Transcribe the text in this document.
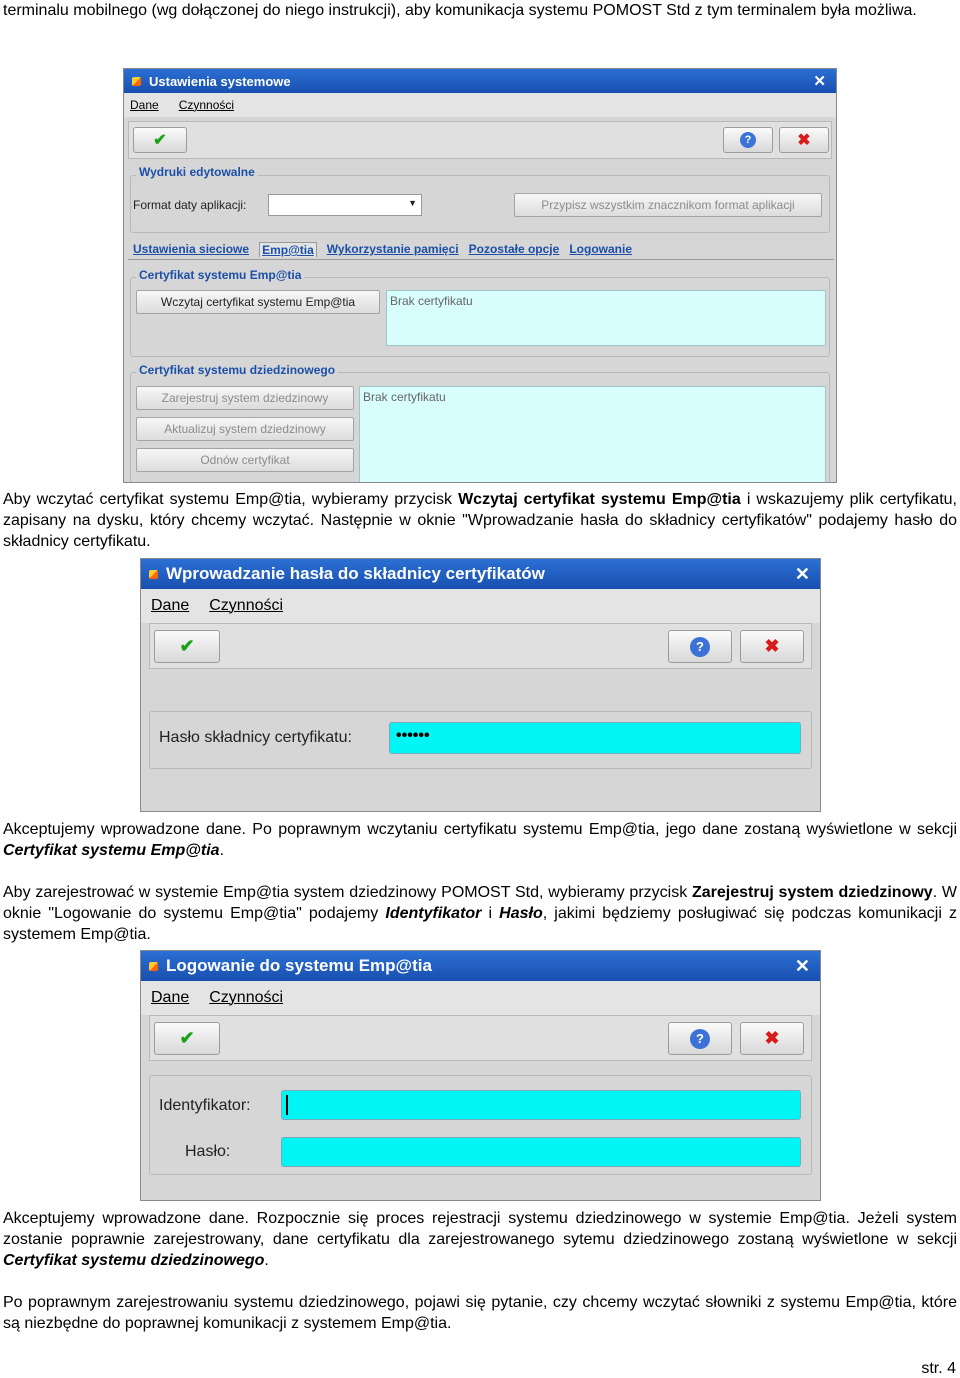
terminalu mobilnego (wg dołączonej do niego instrukcji), aby komunikacja systemu POMOST Std z tym terminalem była możliwa.
Ustawienia systemowe	✕
Dane Czynności
✔	?	✖
Wydruki edytowalne
Format daty aplikacji:
▼	Przypisz wszystkim znacznikom format aplikacji
Ustawienia sieciowe Emp@tia Wykorzystanie pamięci Pozostałe opcje Logowanie
Certyfikat systemu Emp@tia
Wczytaj certyfikat systemu Emp@tia	Brak certyfikatu
Certyfikat systemu dziedzinowego
Zarejestruj system dziedzinowy
Aktualizuj system dziedzinowy
Odnów certyfikat
Brak certyfikatu
Aby wczytać certyfikat systemu Emp@tia, wybieramy przycisk Wczytaj certyfikat systemu Emp@tia i wskazujemy plik certyfikatu, zapisany na dysku, który chcemy wczytać. Następnie w oknie "Wprowadzanie hasła do składnicy certyfikatów" podajemy hasło do składnicy certyfikatu.
Wprowadzanie hasła do składnicy certyfikatów	✕
Dane Czynności
✔	?	✖
Hasło składnicy certyfikatu:	••••••
Akceptujemy wprowadzone dane. Po poprawnym wczytaniu certyfikatu systemu Emp@tia, jego dane zostaną wyświetlone w sekcji Certyfikat systemu Emp@tia.
Aby zarejestrować w systemie Emp@tia system dziedzinowy POMOST Std, wybieramy przycisk Zarejestruj system dziedzinowy. W oknie "Logowanie do systemu Emp@tia" podajemy Identyfikator i Hasło, jakimi będziemy posługiwać się podczas komunikacji z systemem Emp@tia.
Logowanie do systemu Emp@tia	✕
Dane Czynności
✔	?	✖
Identyfikator:
Hasło:
Akceptujemy wprowadzone dane. Rozpocznie się proces rejestracji systemu dziedzinowego w systemie Emp@tia. Jeżeli system zostanie poprawnie zarejestrowany, dane certyfikatu dla zarejestrowanego sytemu dziedzinowego zostaną wyświetlone w sekcji Certyfikat systemu dziedzinowego.
Po poprawnym zarejestrowaniu systemu dziedzinowego, pojawi się pytanie, czy chcemy wczytać słowniki z systemu Emp@tia, które są niezbędne do poprawnej komunikacji z systemem Emp@tia.
str. 4
